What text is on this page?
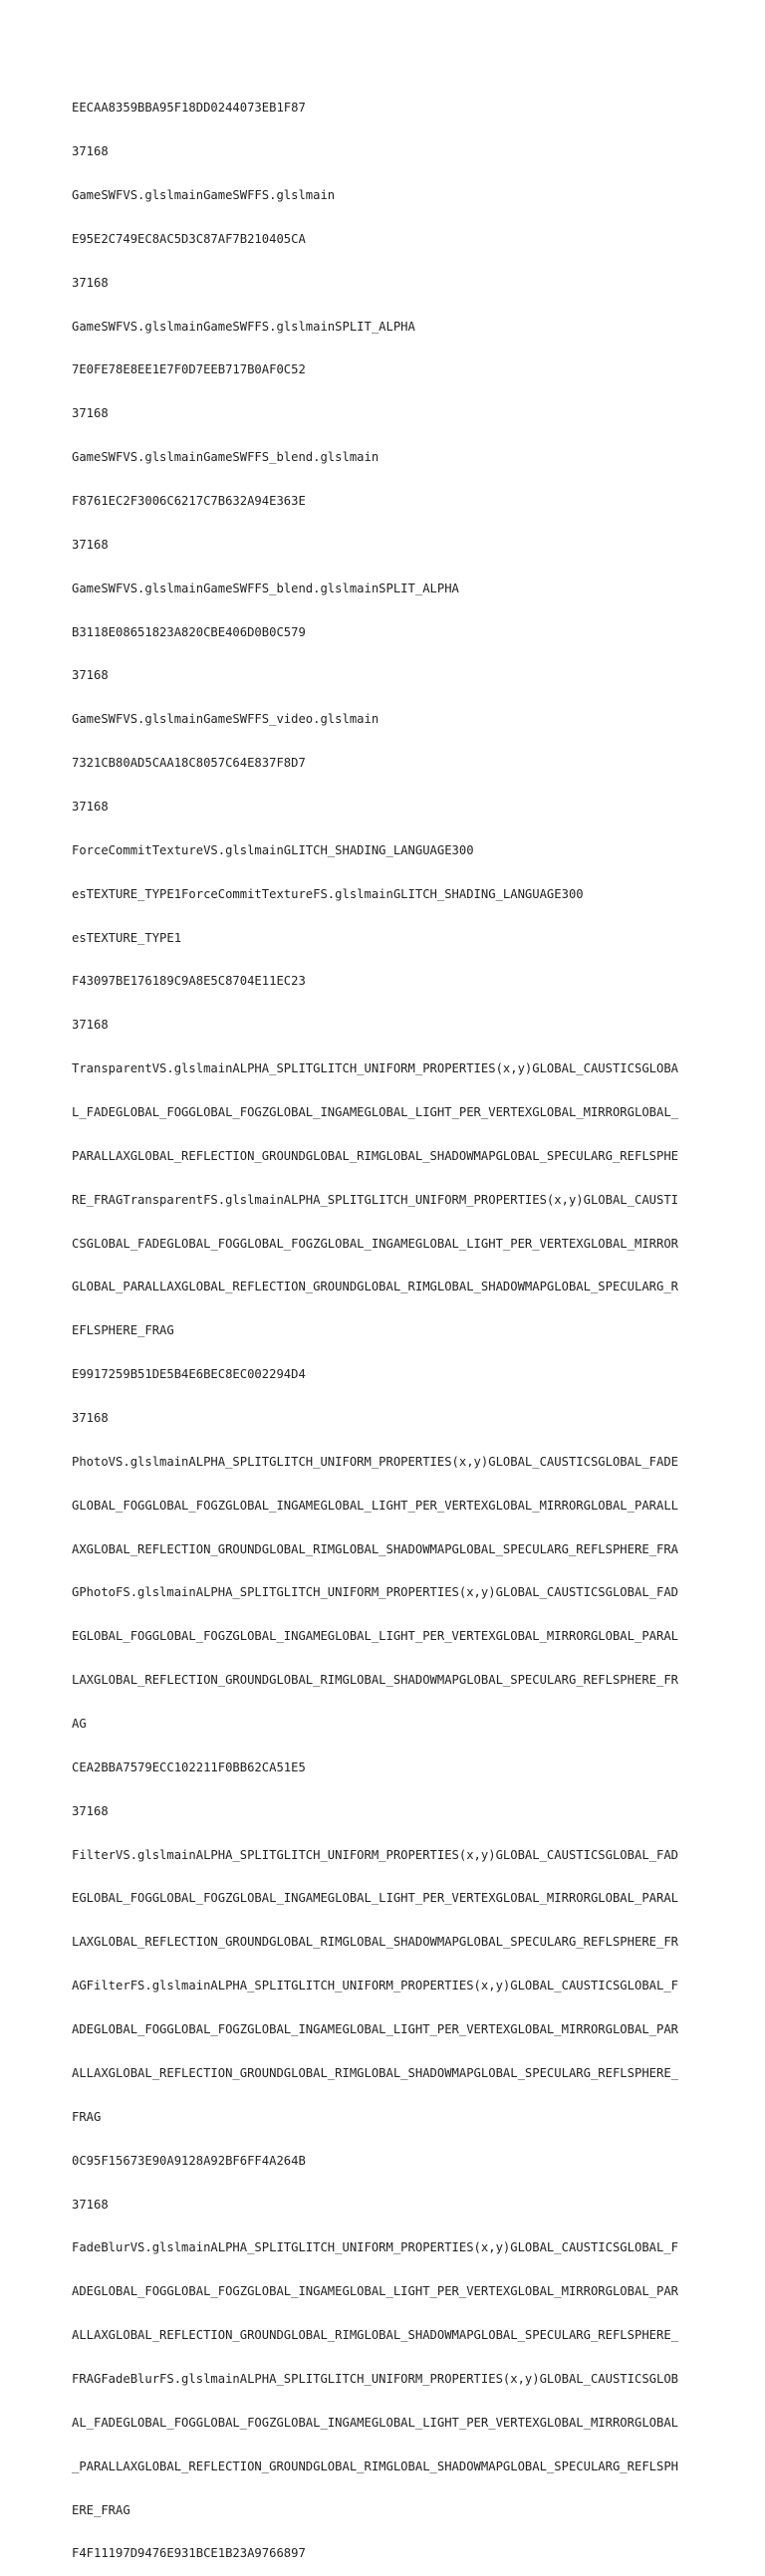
EECAA8359BBA95F18DD0244073EB1F87

37168

GameSWFVS.glslmainGameSWFFS.glslmain

E95E2C749EC8AC5D3C87AF7B210405CA

37168

GameSWFVS.glslmainGameSWFFS.glslmainSPLIT_ALPHA

7E0FE78E8EE1E7F0D7EEB717B0AF0C52

37168

GameSWFVS.glslmainGameSWFFS_blend.glslmain

F8761EC2F3006C6217C7B632A94E363E

37168

GameSWFVS.glslmainGameSWFFS_blend.glslmainSPLIT_ALPHA

B3118E08651823A820CBE406D0B0C579

37168

GameSWFVS.glslmainGameSWFFS_video.glslmain

7321CB80AD5CAA18C8057C64E837F8D7

37168

ForceCommitTextureVS.glslmainGLITCH_SHADING_LANGUAGE300

esTEXTURE_TYPE1ForceCommitTextureFS.glslmainGLITCH_SHADING_LANGUAGE300

esTEXTURE_TYPE1

F43097BE176189C9A8E5C8704E11EC23

37168

TransparentVS.glslmainALPHA_SPLITGLITCH_UNIFORM_PROPERTIES(x,y)GLOBAL_CAUSTICSGLOBA

L_FADEGLOBAL_FOGGLOBAL_FOGZGLOBAL_INGAMEGLOBAL_LIGHT_PER_VERTEXGLOBAL_MIRRORGLOBAL_

PARALLAXGLOBAL_REFLECTION_GROUNDGLOBAL_RIMGLOBAL_SHADOWMAPGLOBAL_SPECULARG_REFLSPHE

RE_FRAGTransparentFS.glslmainALPHA_SPLITGLITCH_UNIFORM_PROPERTIES(x,y)GLOBAL_CAUSTI

CSGLOBAL_FADEGLOBAL_FOGGLOBAL_FOGZGLOBAL_INGAMEGLOBAL_LIGHT_PER_VERTEXGLOBAL_MIRROR

GLOBAL_PARALLAXGLOBAL_REFLECTION_GROUNDGLOBAL_RIMGLOBAL_SHADOWMAPGLOBAL_SPECULARG_R

EFLSPHERE_FRAG

E9917259B51DE5B4E6BEC8EC002294D4

37168

PhotoVS.glslmainALPHA_SPLITGLITCH_UNIFORM_PROPERTIES(x,y)GLOBAL_CAUSTICSGLOBAL_FADE

GLOBAL_FOGGLOBAL_FOGZGLOBAL_INGAMEGLOBAL_LIGHT_PER_VERTEXGLOBAL_MIRRORGLOBAL_PARALL

AXGLOBAL_REFLECTION_GROUNDGLOBAL_RIMGLOBAL_SHADOWMAPGLOBAL_SPECULARG_REFLSPHERE_FRA

GPhotoFS.glslmainALPHA_SPLITGLITCH_UNIFORM_PROPERTIES(x,y)GLOBAL_CAUSTICSGLOBAL_FAD

EGLOBAL_FOGGLOBAL_FOGZGLOBAL_INGAMEGLOBAL_LIGHT_PER_VERTEXGLOBAL_MIRRORGLOBAL_PARAL

LAXGLOBAL_REFLECTION_GROUNDGLOBAL_RIMGLOBAL_SHADOWMAPGLOBAL_SPECULARG_REFLSPHERE_FR

AG

CEA2BBA7579ECC102211F0BB62CA51E5

37168

FilterVS.glslmainALPHA_SPLITGLITCH_UNIFORM_PROPERTIES(x,y)GLOBAL_CAUSTICSGLOBAL_FAD

EGLOBAL_FOGGLOBAL_FOGZGLOBAL_INGAMEGLOBAL_LIGHT_PER_VERTEXGLOBAL_MIRRORGLOBAL_PARAL

LAXGLOBAL_REFLECTION_GROUNDGLOBAL_RIMGLOBAL_SHADOWMAPGLOBAL_SPECULARG_REFLSPHERE_FR

AGFilterFS.glslmainALPHA_SPLITGLITCH_UNIFORM_PROPERTIES(x,y)GLOBAL_CAUSTICSGLOBAL_F

ADEGLOBAL_FOGGLOBAL_FOGZGLOBAL_INGAMEGLOBAL_LIGHT_PER_VERTEXGLOBAL_MIRRORGLOBAL_PAR

ALLAXGLOBAL_REFLECTION_GROUNDGLOBAL_RIMGLOBAL_SHADOWMAPGLOBAL_SPECULARG_REFLSPHERE_

FRAG

0C95F15673E90A9128A92BF6FF4A264B

37168

FadeBlurVS.glslmainALPHA_SPLITGLITCH_UNIFORM_PROPERTIES(x,y)GLOBAL_CAUSTICSGLOBAL_F

ADEGLOBAL_FOGGLOBAL_FOGZGLOBAL_INGAMEGLOBAL_LIGHT_PER_VERTEXGLOBAL_MIRRORGLOBAL_PAR

ALLAXGLOBAL_REFLECTION_GROUNDGLOBAL_RIMGLOBAL_SHADOWMAPGLOBAL_SPECULARG_REFLSPHERE_

FRAGFadeBlurFS.glslmainALPHA_SPLITGLITCH_UNIFORM_PROPERTIES(x,y)GLOBAL_CAUSTICSGLOB

AL_FADEGLOBAL_FOGGLOBAL_FOGZGLOBAL_INGAMEGLOBAL_LIGHT_PER_VERTEXGLOBAL_MIRRORGLOBAL

_PARALLAXGLOBAL_REFLECTION_GROUNDGLOBAL_RIMGLOBAL_SHADOWMAPGLOBAL_SPECULARG_REFLSPH

ERE_FRAG

F4F11197D9476E931BCE1B23A9766897
